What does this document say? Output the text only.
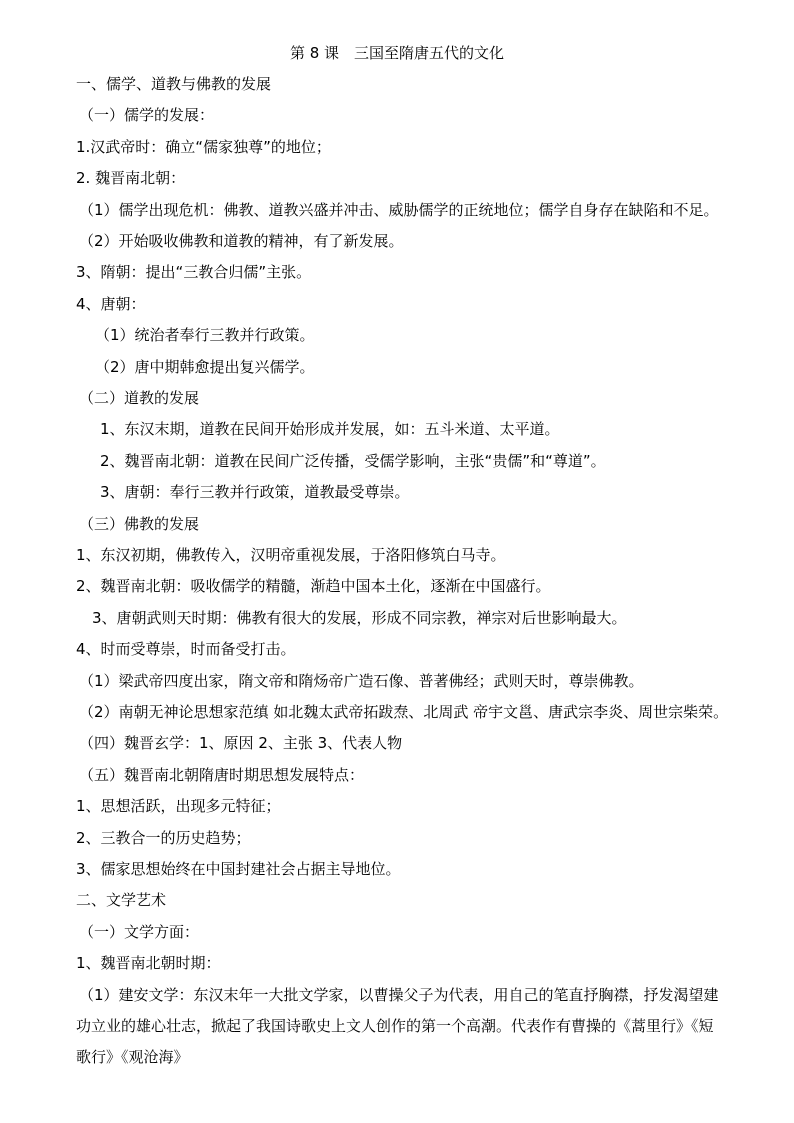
第 8 课　三国至隋唐五代的文化
一、儒学、道教与佛教的发展
（一）儒学的发展：
1.汉武帝时：确立“儒家独尊”的地位；
2. 魏晋南北朝：
（1）儒学出现危机：佛教、道教兴盛并冲击、威胁儒学的正统地位；儒学自身存在缺陷和不足。
（2）开始吸收佛教和道教的精神，有了新发展。
3、隋朝：提出“三教合归儒”主张。
4、唐朝：
（1）统治者奉行三教并行政策。
（2）唐中期韩愈提出复兴儒学。
（二）道教的发展
1、东汉末期，道教在民间开始形成并发展，如：五斗米道、太平道。
2、魏晋南北朝：道教在民间广泛传播，受儒学影响，主张“贵儒”和“尊道”。
3、唐朝：奉行三教并行政策，道教最受尊崇。
（三）佛教的发展
1、东汉初期，佛教传入，汉明帝重视发展，于洛阳修筑白马寺。
2、魏晋南北朝：吸收儒学的精髓，渐趋中国本土化，逐渐在中国盛行。
3、唐朝武则天时期：佛教有很大的发展，形成不同宗教，禅宗对后世影响最大。
4、时而受尊崇，时而备受打击。
（1）梁武帝四度出家，隋文帝和隋炀帝广造石像、普著佛经；武则天时，尊崇佛教。
（2）南朝无神论思想家范缜 如北魏太武帝拓跋焘、北周武 帝宇文邕、唐武宗李炎、周世宗柴荣。
（四）魏晋玄学：1、原因 2、主张 3、代表人物
（五）魏晋南北朝隋唐时期思想发展特点：
1、思想活跃，出现多元特征；
2、三教合一的历史趋势；
3、儒家思想始终在中国封建社会占据主导地位。
二、文学艺术
（一）文学方面：
1、魏晋南北朝时期：
（1）建安文学：东汉末年一大批文学家，以曹操父子为代表，用自己的笔直抒胸襟，抒发渴望建
功立业的雄心壮志，掀起了我国诗歌史上文人创作的第一个高潮。代表作有曹操的《蒿里行》《短
歌行》《观沧海》
